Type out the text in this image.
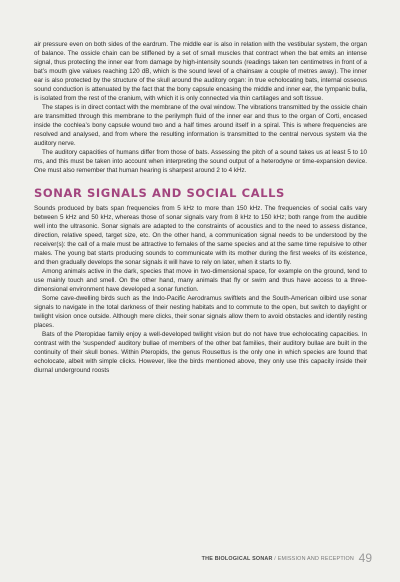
air pressure even on both sides of the eardrum. The middle ear is also in relation with the vestibular system, the organ of balance. The ossicle chain can be stiffened by a set of small muscles that contract when the bat emits an intense signal, thus protecting the inner ear from damage by high-intensity sounds (readings taken ten centimetres in front of a bat’s mouth give values reaching 120 dB, which is the sound level of a chainsaw a couple of metres away). The inner ear is also protected by the structure of the skull around the auditory organ: in true echolocating bats, internal osseous sound conduction is attenuated by the fact that the bony capsule encasing the middle and inner ear, the tympanic bulla, is isolated from the rest of the cranium, with which it is only connected via thin cartilages and soft tissue.

The stapes is in direct contact with the membrane of the oval window. The vibrations transmitted by the ossicle chain are transmitted through this membrane to the perilymph fluid of the inner ear and thus to the organ of Corti, encased inside the cochlea’s bony capsule wound two and a half times around itself in a spiral. This is where frequencies are resolved and analysed, and from where the resulting information is transmitted to the central nervous system via the auditory nerve.

The auditory capacities of humans differ from those of bats. Assessing the pitch of a sound takes us at least 5 to 10 ms, and this must be taken into account when interpreting the sound output of a heterodyne or time-expansion device. One must also remember that human hearing is sharpest around 2 to 4 kHz.

SONAR SIGNALS AND SOCIAL CALLS

Sounds produced by bats span frequencies from 5 kHz to more than 150 kHz. The frequencies of social calls vary between 5 kHz and 50 kHz, whereas those of sonar signals vary from 8 kHz to 150 kHz; both range from the audible well into the ultrasonic. Sonar signals are adapted to the constraints of acoustics and to the need to assess distance, direction, relative speed, target size, etc. On the other hand, a communication signal needs to be understood by the receiver(s): the call of a male must be attractive to females of the same species and at the same time repulsive to other males. The young bat starts producing sounds to communicate with its mother during the first weeks of its existence, and then gradually develops the sonar signals it will have to rely on later, when it starts to fly.

Among animals active in the dark, species that move in two-dimensional space, for example on the ground, tend to use mainly touch and smell. On the other hand, many animals that fly or swim and thus have access to a three-dimensional environment have developed a sonar function.

Some cave-dwelling birds such as the Indo-Pacific Aerodramus swiftlets and the South-American oilbird use sonar signals to navigate in the total darkness of their nesting habitats and to commute to the open, but switch to daylight or twilight vision once outside. Although mere clicks, their sonar signals allow them to avoid obstacles and identify resting places.

Bats of the Pteropidae family enjoy a well-developed twilight vision but do not have true echolocating capacities. In contrast with the ‘suspended’ auditory bullae of members of the other bat families, their auditory bullae are built in the continuity of their skull bones. Within Pteropids, the genus Rousettus is the only one in which species are found that echolocate, albeit with simple clicks. However, like the birds mentioned above, they only use this capacity inside their diurnal underground roosts

THE BIOLOGICAL SONAR / EMISSION AND RECEPTION 49
